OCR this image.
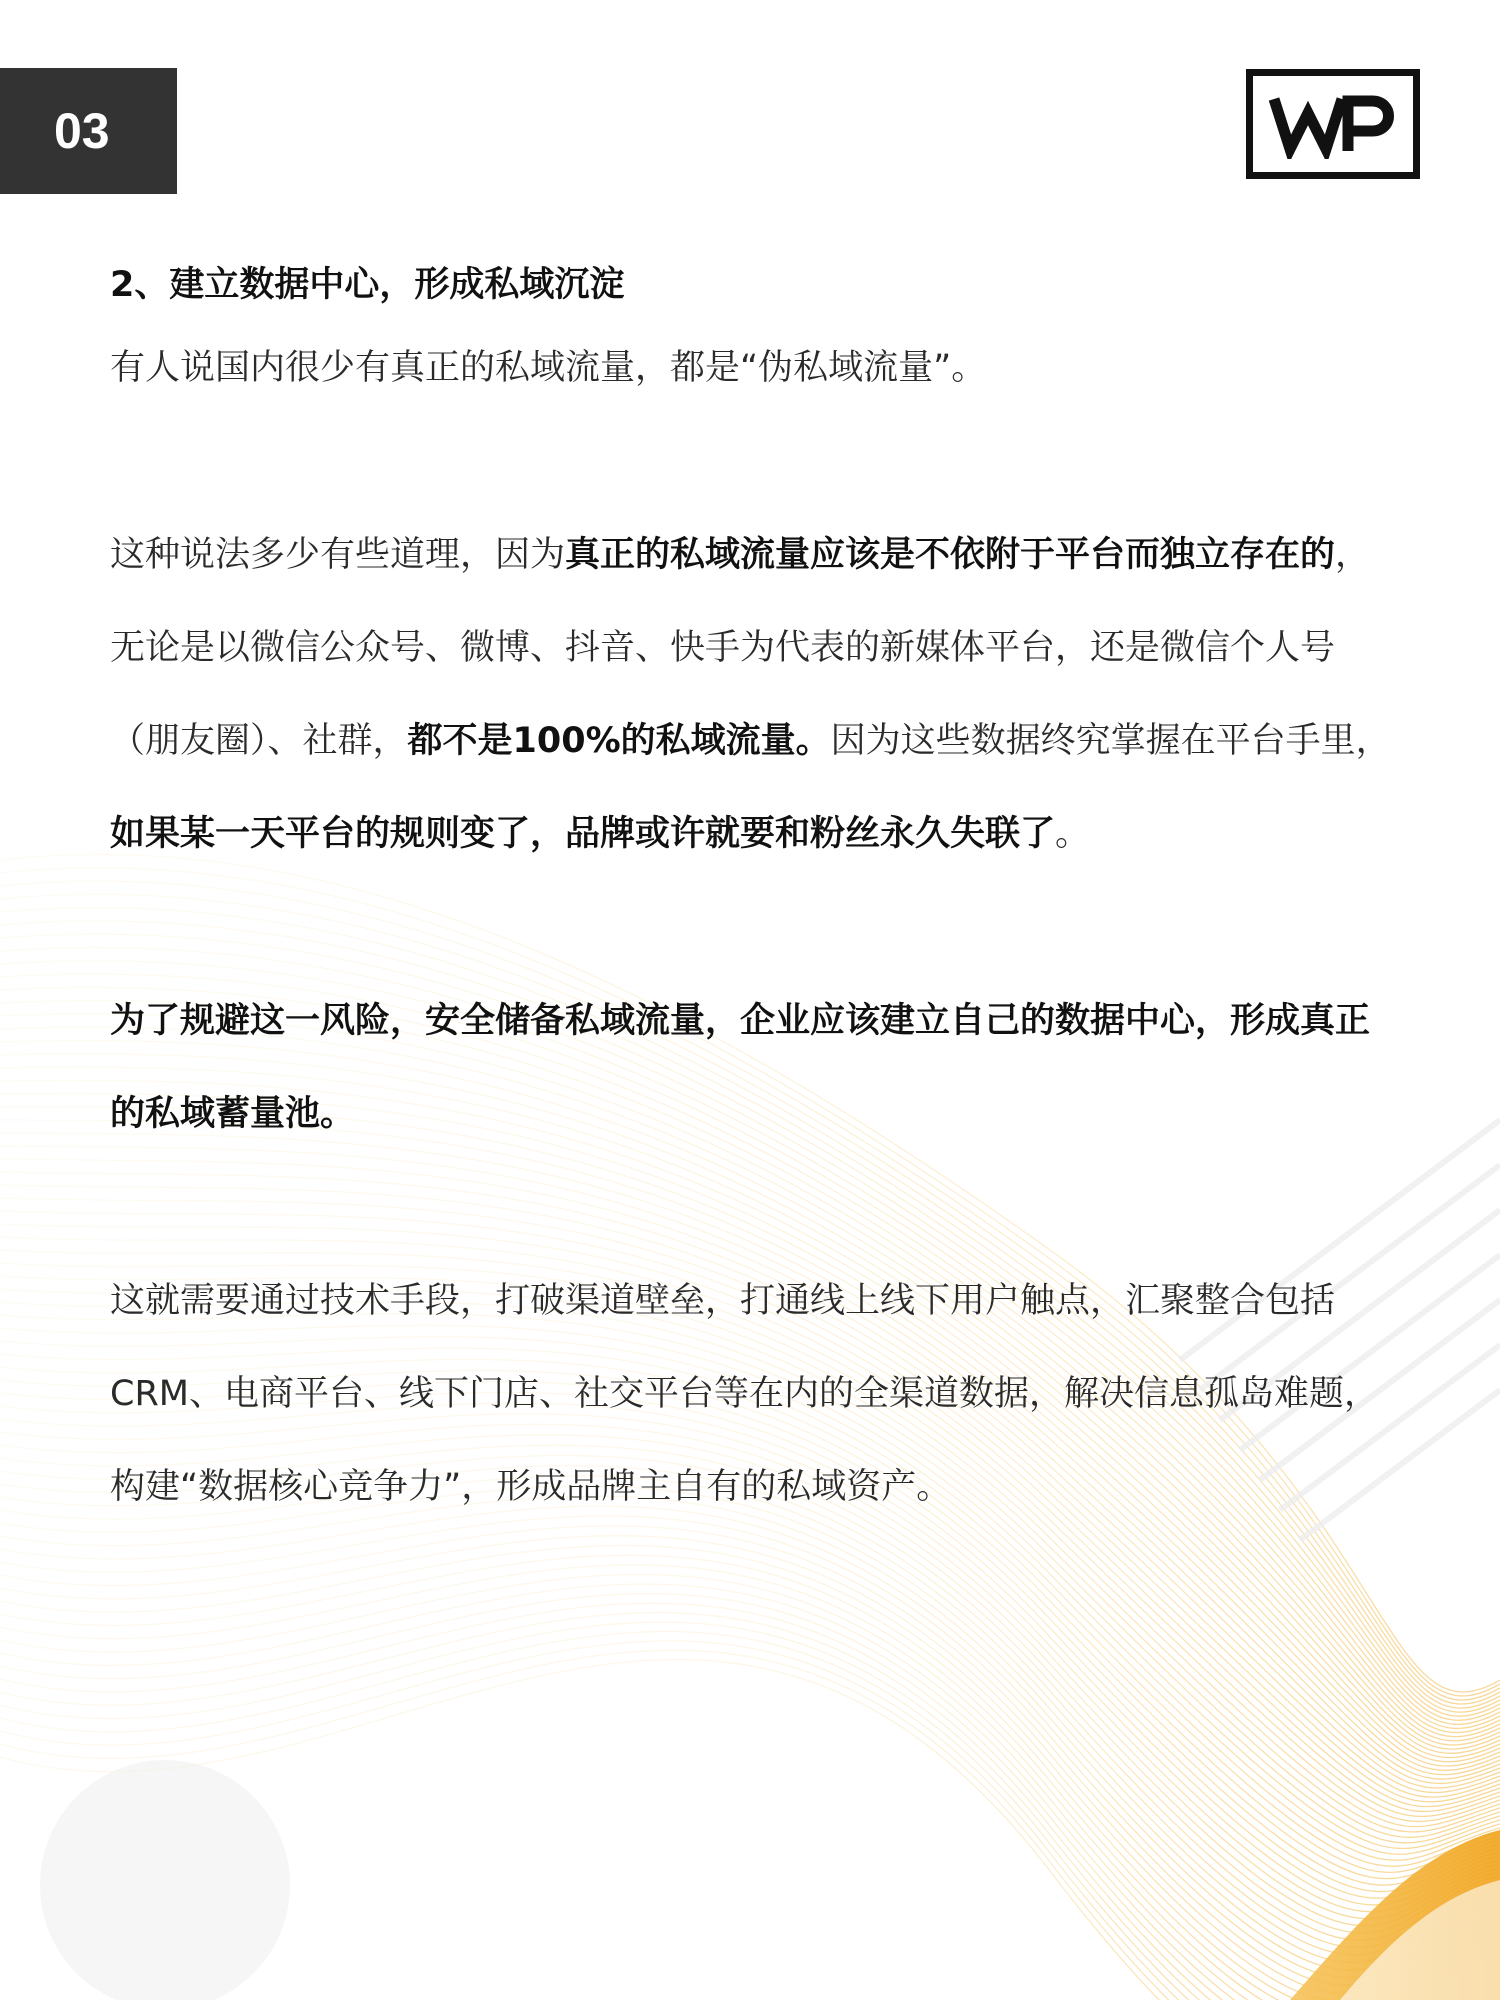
03
2、建立数据中心，形成私域沉淀

有人说国内很少有真正的私域流量，都是“伪私域流量”。

这种说法多少有些道理，因为真正的私域流量应该是不依附于平台而独立存在的，无论是以微信公众号、微博、抖音、快手为代表的新媒体平台，还是微信个人号（朋友圈）、社群，都不是100%的私域流量。因为这些数据终究掌握在平台手里，如果某一天平台的规则变了，品牌或许就要和粉丝永久失联了。

为了规避这一风险，安全储备私域流量，企业应该建立自己的数据中心，形成真正的私域蓄量池。

这就需要通过技术手段，打破渠道壁垒，打通线上线下用户触点，汇聚整合包括CRM、电商平台、线下门店、社交平台等在内的全渠道数据，解决信息孤岛难题，构建“数据核心竞争力”，形成品牌主自有的私域资产。
